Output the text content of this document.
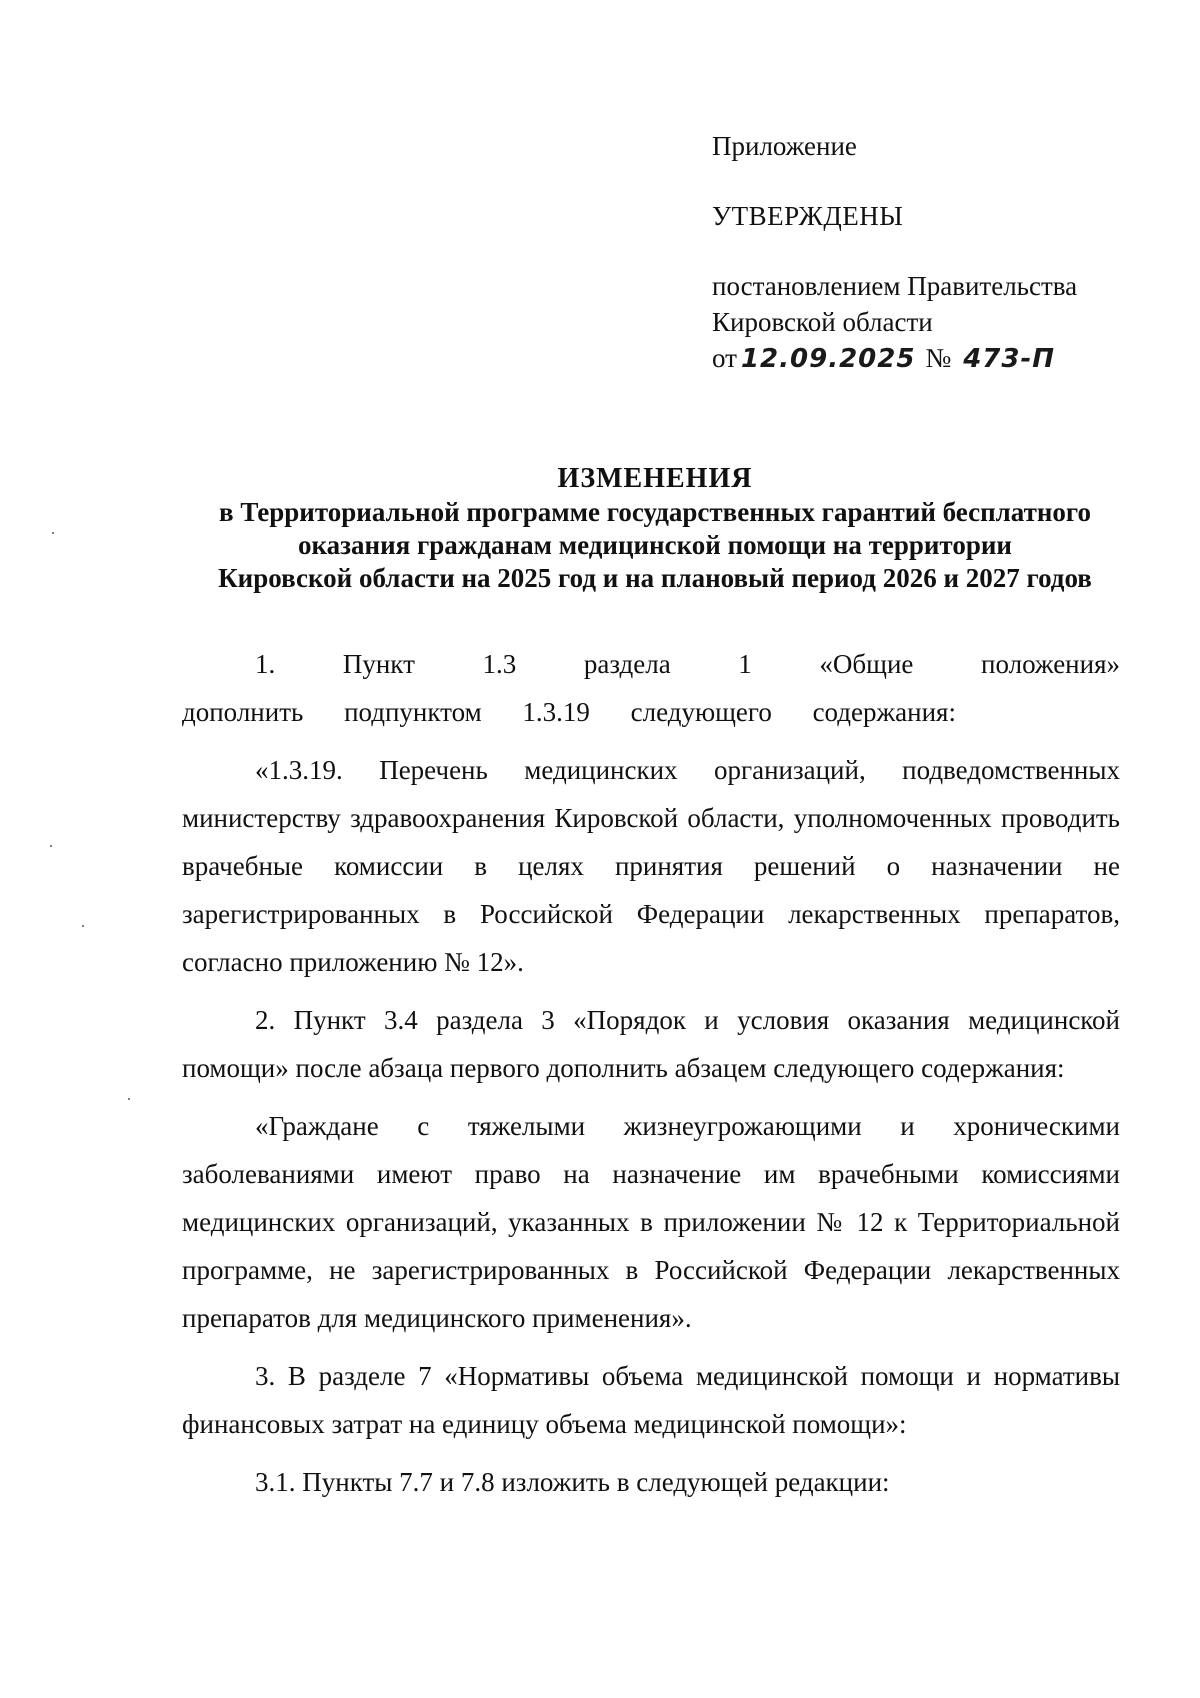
Приложение

УТВЕРЖДЕНЫ

постановлением Правительства

Кировской области

от 12.09.2025 № 473-П

ИЗМЕНЕНИЯ

в Территориальной программе государственных гарантий бесплатного

оказания гражданам медицинской помощи на территории

Кировской области на 2025 год и на плановый период 2026 и 2027 годов

1. Пункт 1.3 раздела 1 «Общие положения» дополнить подпунктом 1.3.19 следующего содержания:

«1.3.19. Перечень медицинских организаций, подведомственных министерству здравоохранения Кировской области, уполномоченных проводить врачебные комиссии в целях принятия решений о назначении не зарегистрированных в Российской Федерации лекарственных препаратов, согласно приложению № 12».

2. Пункт 3.4 раздела 3 «Порядок и условия оказания медицинской помощи» после абзаца первого дополнить абзацем следующего содержания:

«Граждане с тяжелыми жизнеугрожающими и хроническими заболеваниями имеют право на назначение им врачебными комиссиями медицинских организаций, указанных в приложении № 12 к Территориальной программе, не зарегистрированных в Российской Федерации лекарственных препаратов для медицинского применения».

3. В разделе 7 «Нормативы объема медицинской помощи и нормативы финансовых затрат на единицу объема медицинской помощи»:

3.1. Пункты 7.7 и 7.8 изложить в следующей редакции:
